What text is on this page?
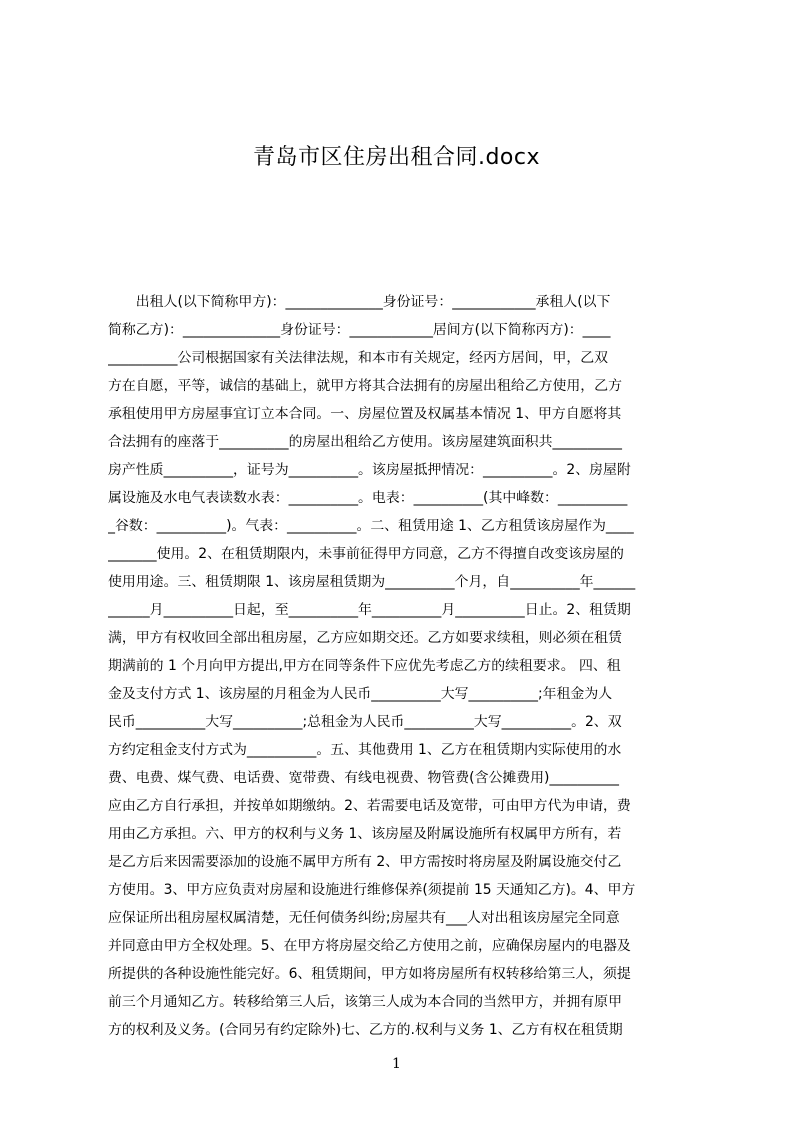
青岛市区住房出租合同.docx
　　出租人(以下简称甲方)：______________身份证号：____________承租人(以下
简称乙方)：______________身份证号：____________居间方(以下简称丙方)：____
__________公司根据国家有关法律法规，和本市有关规定，经丙方居间，甲，乙双
方在自愿，平等，诚信的基础上，就甲方将其合法拥有的房屋出租给乙方使用，乙方
承租使用甲方房屋事宜订立本合同。一、房屋位置及权属基本情况 1、甲方自愿将其
合法拥有的座落于__________的房屋出租给乙方使用。该房屋建筑面积共__________
房产性质__________，证号为__________。该房屋抵押情况：__________。2、房屋附
属设施及水电气表读数水表：__________。电表：__________(其中峰数：__________
_谷数：__________)。气表：__________。二、租赁用途 1、乙方租赁该房屋作为____
_______使用。2、在租赁期限内，未事前征得甲方同意，乙方不得擅自改变该房屋的
使用用途。三、租赁期限 1、该房屋租赁期为__________个月，自__________年______
______月__________日起，至__________年__________月__________日止。2、租赁期
满，甲方有权收回全部出租房屋，乙方应如期交还。乙方如要求续租，则必须在租赁
期满前的 1 个月向甲方提出,甲方在同等条件下应优先考虑乙方的续租要求。 四、租
金及支付方式 1、该房屋的月租金为人民币__________大写__________;年租金为人
民币__________大写__________;总租金为人民币__________大写__________。2、双
方约定租金支付方式为__________。五、其他费用 1、乙方在租赁期内实际使用的水
费、电费、煤气费、电话费、宽带费、有线电视费、物管费(含公摊费用)__________
应由乙方自行承担，并按单如期缴纳。2、若需要电话及宽带，可由甲方代为申请，费
用由乙方承担。六、甲方的权利与义务 1、该房屋及附属设施所有权属甲方所有，若
是乙方后来因需要添加的设施不属甲方所有 2、甲方需按时将房屋及附属设施交付乙
方使用。3、甲方应负责对房屋和设施进行维修保养(须提前 15 天通知乙方)。4、甲方
应保证所出租房屋权属清楚，无任何债务纠纷;房屋共有___人对出租该房屋完全同意
并同意由甲方全权处理。5、在甲方将房屋交给乙方使用之前，应确保房屋内的电器及
所提供的各种设施性能完好。6、租赁期间，甲方如将房屋所有权转移给第三人，须提
前三个月通知乙方。转移给第三人后，该第三人成为本合同的当然甲方，并拥有原甲
方的权利及义务。(合同另有约定除外)七、乙方的.权利与义务 1、乙方有权在租赁期
1
